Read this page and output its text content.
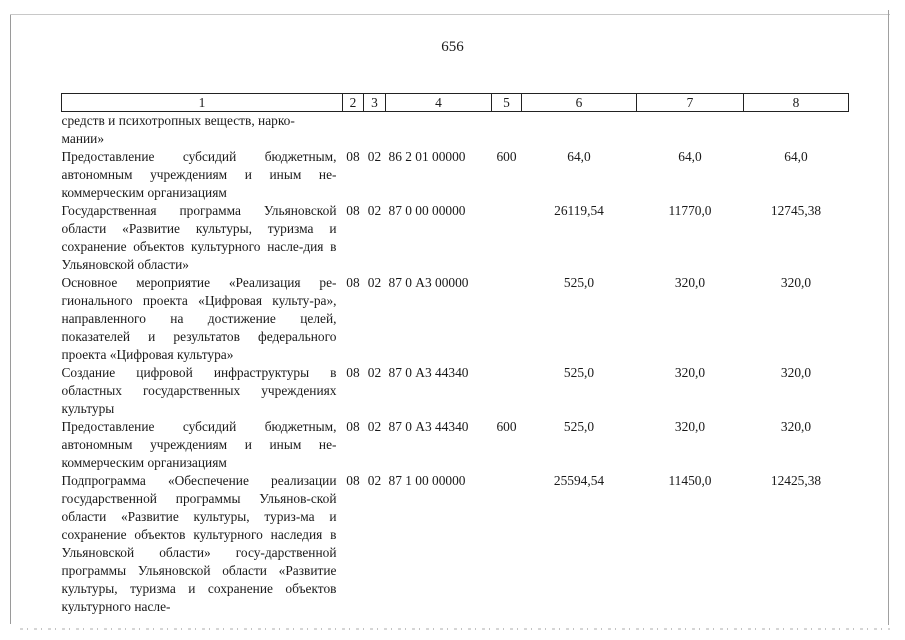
656
1	2	3	4	5	6	7	8
средств и психотропных веществ, нарко-
мании»							
Предоставление субсидий бюджетным, автономным учреждениям и иным не-коммерческим организациям	08	02	86 2 01 00000	600	64,0	64,0	64,0
Государственная программа Ульяновской области «Развитие культуры, туризма и сохранение объектов культурного насле-дия в Ульяновской области»	08	02	87 0 00 00000		26119,54	11770,0	12745,38
Основное мероприятие «Реализация ре-гионального проекта «Цифровая культу-ра», направленного на достижение целей, показателей и результатов федерального проекта «Цифровая культура»	08	02	87 0 А3 00000		525,0	320,0	320,0
Создание цифровой инфраструктуры в областных государственных учреждениях культуры	08	02	87 0 А3 44340		525,0	320,0	320,0
Предоставление субсидий бюджетным, автономным учреждениям и иным не-коммерческим организациям	08	02	87 0 А3 44340	600	525,0	320,0	320,0
Подпрограмма «Обеспечение реализации государственной программы Ульянов-ской области «Развитие культуры, туриз-ма и сохранение объектов культурного наследия в Ульяновской области» госу-дарственной программы Ульяновской области «Развитие культуры, туризма и сохранение объектов культурного насле-	08	02	87 1 00 00000		25594,54	11450,0	12425,38
